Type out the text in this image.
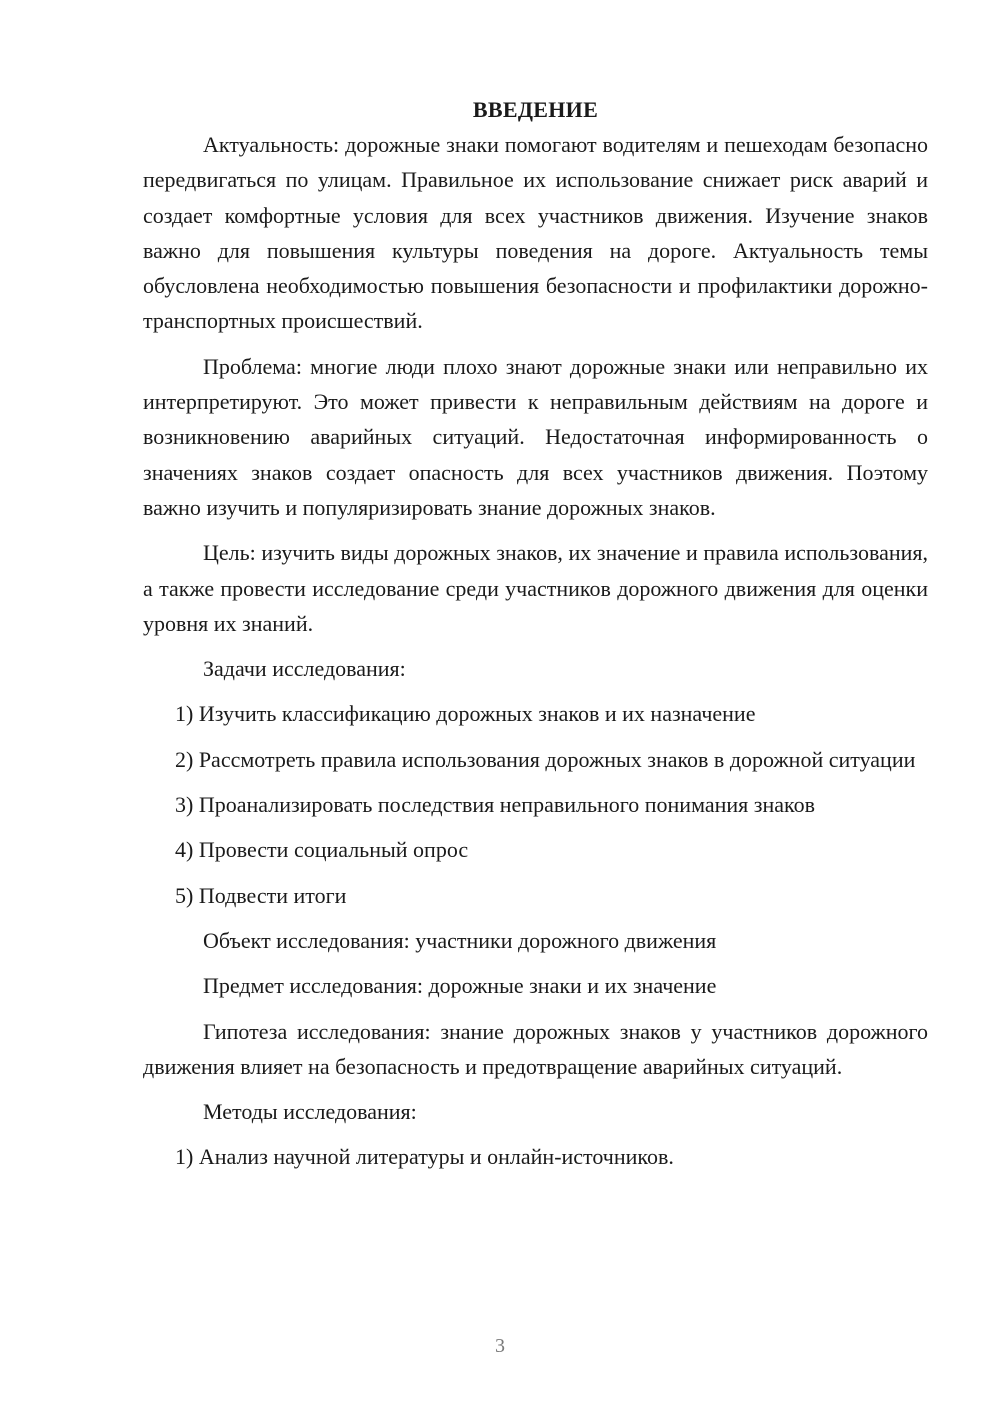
ВВЕДЕНИЕ

Актуальность: дорожные знаки помогают водителям и пешеходам безопасно передвигаться по улицам. Правильное их использование снижает риск аварий и создает комфортные условия для всех участников движения. Изучение знаков важно для повышения культуры поведения на дороге. Актуальность темы обусловлена необходимостью повышения безопасности и профилактики дорожно-транспортных происшествий.

Проблема: многие люди плохо знают дорожные знаки или неправильно их интерпретируют. Это может привести к неправильным действиям на дороге и возникновению аварийных ситуаций. Недостаточная информированность о значениях знаков создает опасность для всех участников движения. Поэтому важно изучить и популяризировать знание дорожных знаков.

Цель: изучить виды дорожных знаков, их значение и правила использования, а также провести исследование среди участников дорожного движения для оценки уровня их знаний.

Задачи исследования:

1) Изучить классификацию дорожных знаков и их назначение

2) Рассмотреть правила использования дорожных знаков в дорожной ситуации

3) Проанализировать последствия неправильного понимания знаков

4) Провести социальный опрос

5) Подвести итоги

Объект исследования: участники дорожного движения

Предмет исследования: дорожные знаки и их значение

Гипотеза исследования: знание дорожных знаков у участников дорожного движения влияет на безопасность и предотвращение аварийных ситуаций.

Методы исследования:

1) Анализ научной литературы и онлайн-источников.

3
